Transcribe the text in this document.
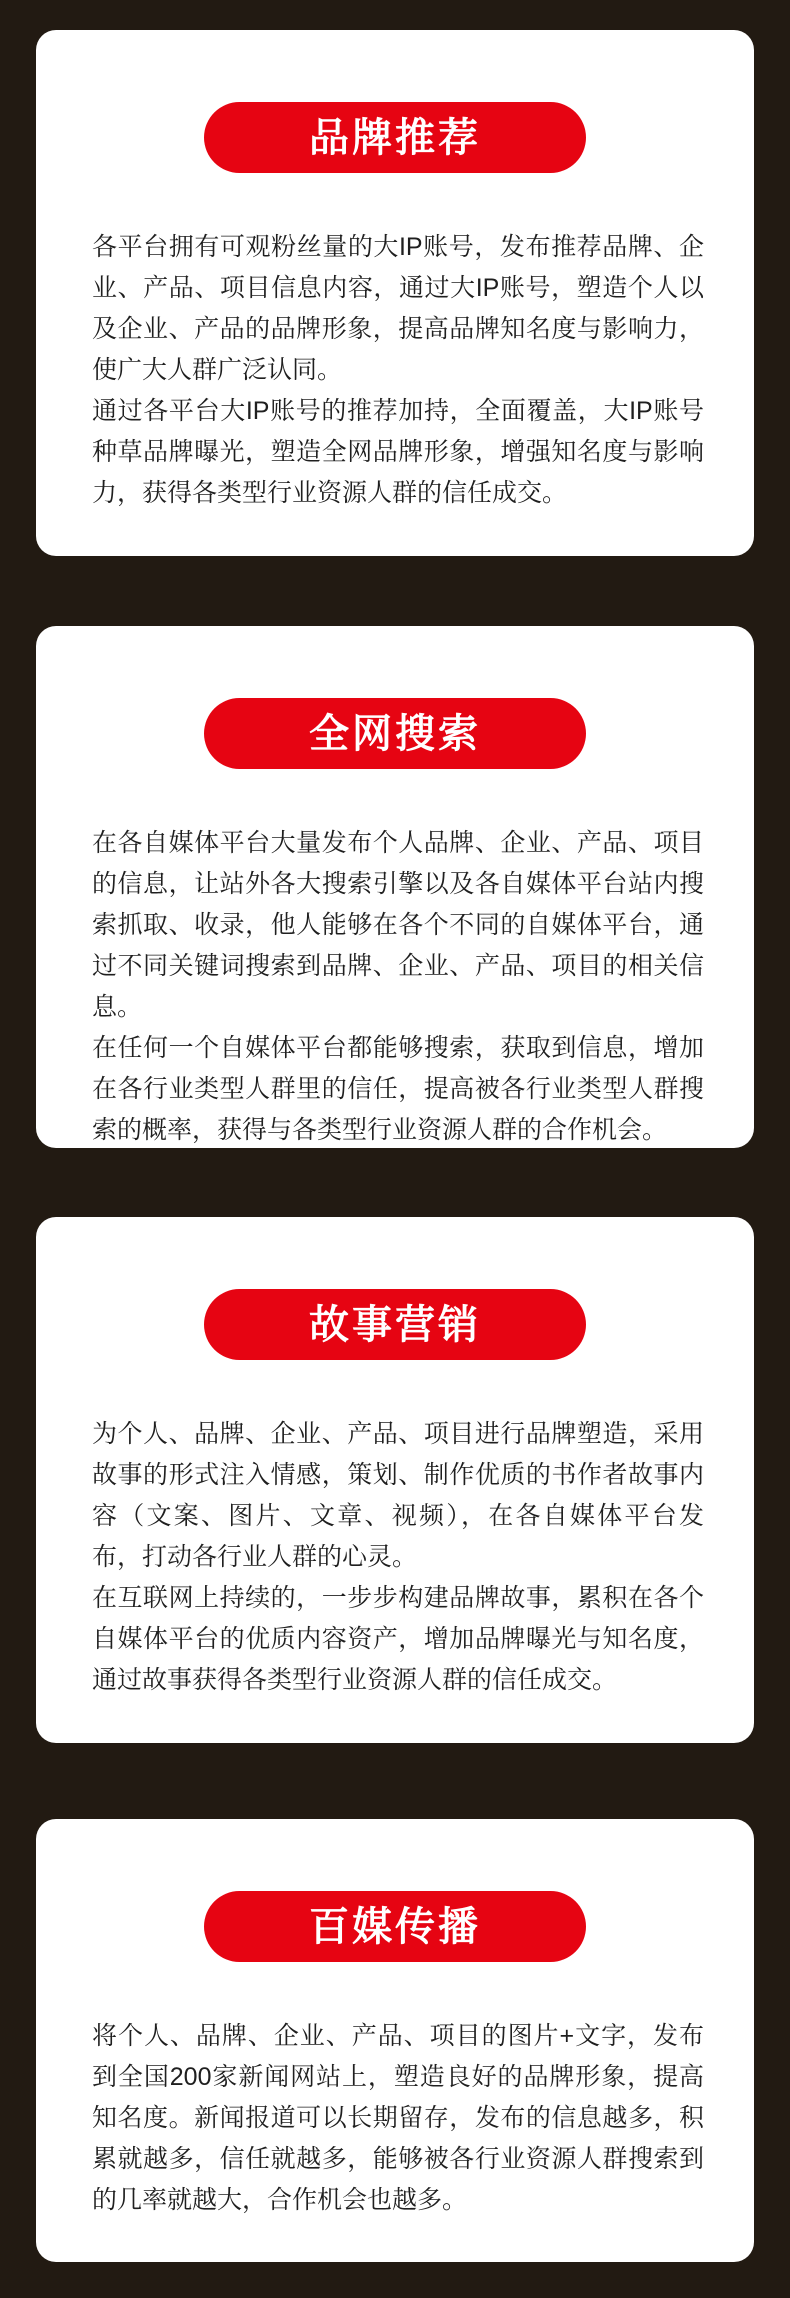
品牌推荐

各平台拥有可观粉丝量的大IP账号，发布推荐品牌、企业、产品、项目信息内容，通过大IP账号，塑造个人以及企业、产品的品牌形象，提高品牌知名度与影响力，使广大人群广泛认同。

通过各平台大IP账号的推荐加持，全面覆盖，大IP账号种草品牌曝光，塑造全网品牌形象，增强知名度与影响力，获得各类型行业资源人群的信任成交。

全网搜索

在各自媒体平台大量发布个人品牌、企业、产品、项目的信息，让站外各大搜索引擎以及各自媒体平台站内搜索抓取、收录，他人能够在各个不同的自媒体平台，通过不同关键词搜索到品牌、企业、产品、项目的相关信息。

在任何一个自媒体平台都能够搜索，获取到信息，增加在各行业类型人群里的信任，提高被各行业类型人群搜索的概率，获得与各类型行业资源人群的合作机会。

故事营销

为个人、品牌、企业、产品、项目进行品牌塑造，采用故事的形式注入情感，策划、制作优质的书作者故事内容（文案、图片、文章、视频），在各自媒体平台发布，打动各行业人群的心灵。

在互联网上持续的，一步步构建品牌故事，累积在各个自媒体平台的优质内容资产，增加品牌曝光与知名度，通过故事获得各类型行业资源人群的信任成交。

百媒传播

将个人、品牌、企业、产品、项目的图片+文字，发布到全国200家新闻网站上，塑造良好的品牌形象，提高知名度。新闻报道可以长期留存，发布的信息越多，积累就越多，信任就越多，能够被各行业资源人群搜索到的几率就越大，合作机会也越多。
